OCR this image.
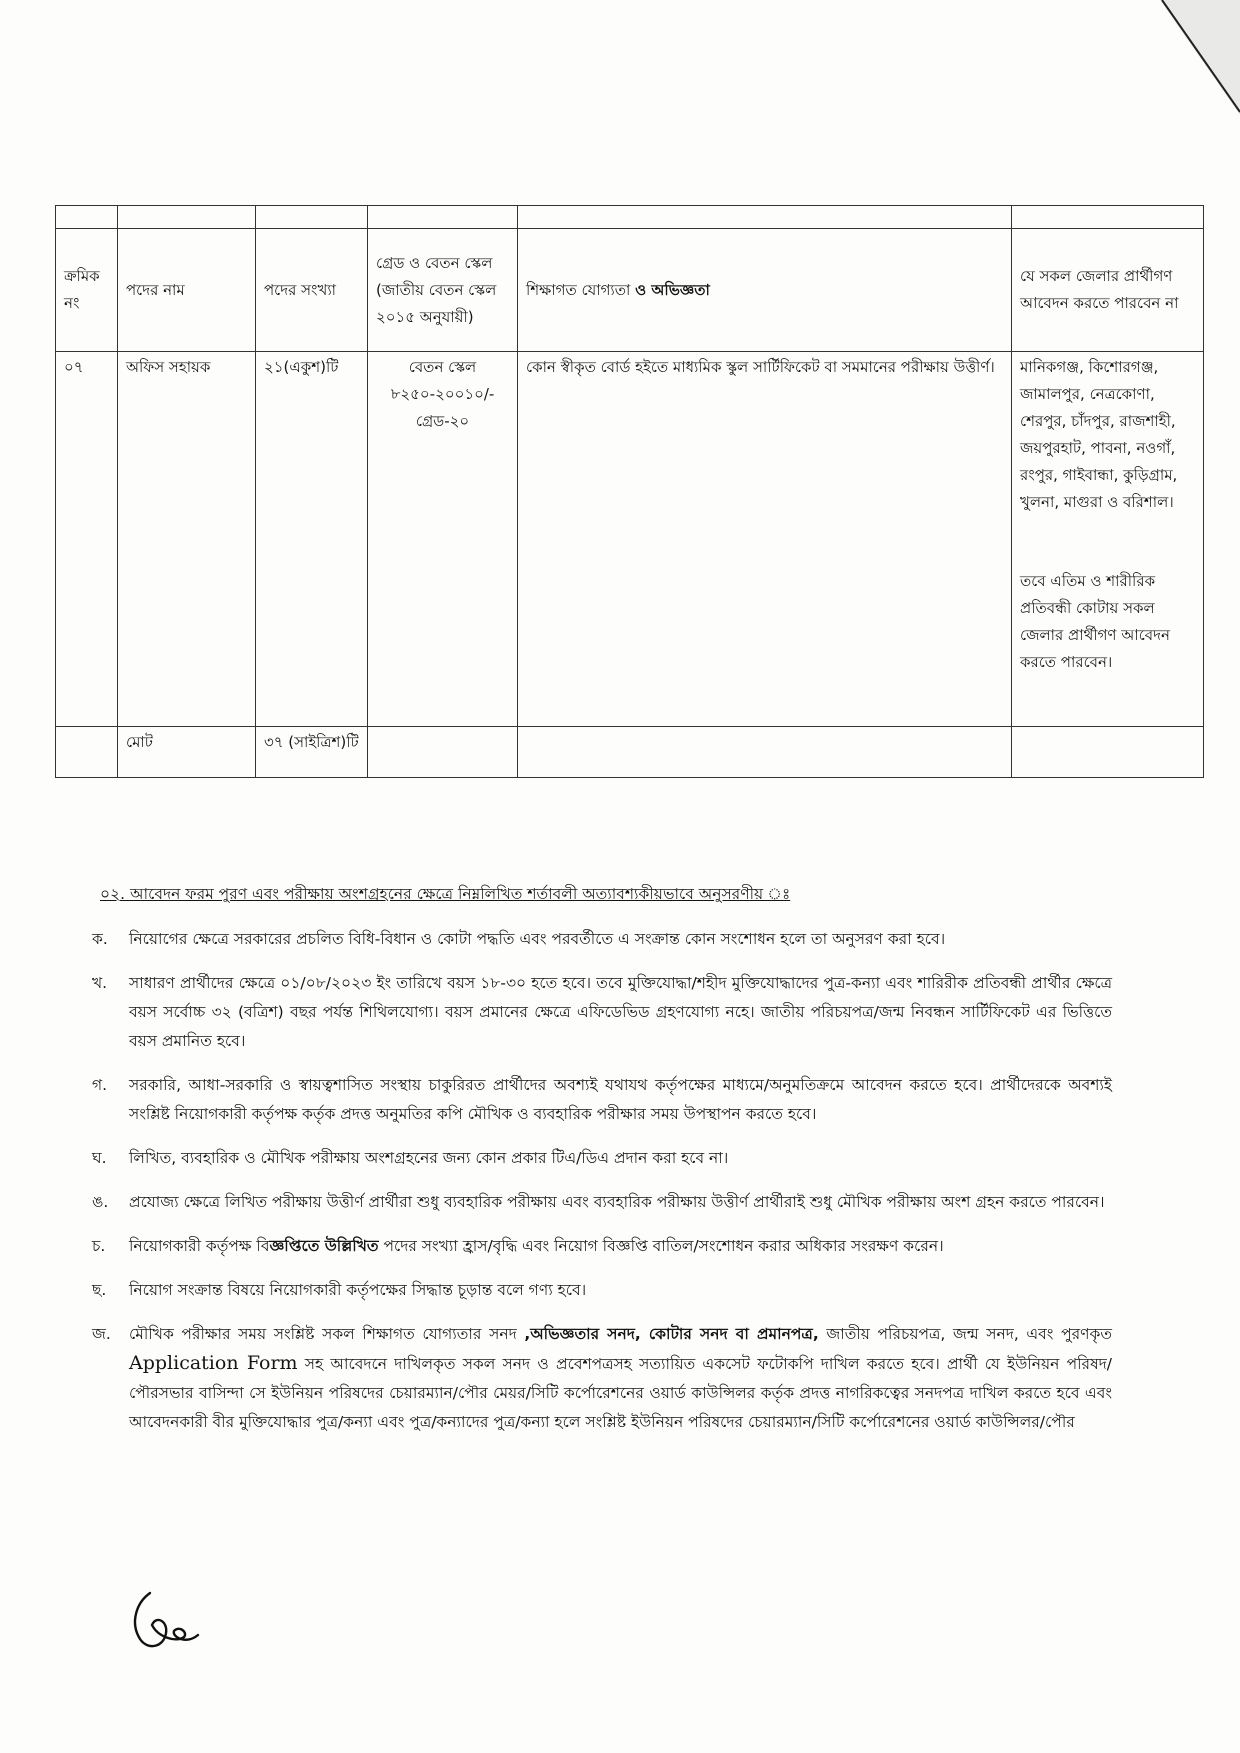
ক্রমিক নং	পদের নাম	পদের সংখ্যা	গ্রেড ও বেতন স্কেল (জাতীয় বেতন স্কেল ২০১৫ অনুযায়ী)	শিক্ষাগত যোগ্যতা ও অভিজ্ঞতা	যে সকল জেলার প্রার্থীগণ আবেদন করতে পারবেন না
০৭	অফিস সহায়ক	২১(একুশ)টি	বেতন স্কেল ৮২৫০-২০০১০/- গ্রেড-২০	কোন স্বীকৃত বোর্ড হইতে মাধ্যমিক স্কুল সার্টিফিকেট বা সমমানের পরীক্ষায় উত্তীর্ণ।	মানিকগঞ্জ, কিশোরগঞ্জ, জামালপুর, নেত্রকোণা, শেরপুর, চাঁদপুর, রাজশাহী, জয়পুরহাট, পাবনা, নওগাঁ, রংপুর, গাইবান্ধা, কুড়িগ্রাম, খুলনা, মাগুরা ও বরিশাল।
তবে এতিম ও শারীরিক প্রতিবন্ধী কোটায় সকল জেলার প্রার্থীগণ আবেদন করতে পারবেন।

	মোট	৩৭ (সাইত্রিশ)টি			
০২. আবেদন ফরম পুরণ এবং পরীক্ষায় অংশগ্রহনের ক্ষেত্রে নিম্নলিখিত শর্তাবলী অত্যাবশ্যকীয়ভাবে অনুসরণীয় ঃ
ক.	নিয়োগের ক্ষেত্রে সরকারের প্রচলিত বিধি-বিধান ও কোটা পদ্ধতি এবং পরবর্তীতে এ সংক্রান্ত কোন সংশোধন হলে তা অনুসরণ করা হবে।
খ.	সাধারণ প্রার্থীদের ক্ষেত্রে ০১/০৮/২০২৩ ইং তারিখে বয়স ১৮-৩০ হতে হবে। তবে মুক্তিযোদ্ধা/শহীদ মুক্তিযোদ্ধাদের পুত্র-কন্যা এবং শারিরীক প্রতিবন্ধী প্রার্থীর ক্ষেত্রে বয়স সর্বোচ্চ ৩২ (বত্রিশ) বছর পর্যন্ত শিথিলযোগ্য। বয়স প্রমানের ক্ষেত্রে এফিডেভিড গ্রহণযোগ্য নহে। জাতীয় পরিচয়পত্র/জন্ম নিবন্ধন সার্টিফিকেট এর ভিত্তিতে বয়স প্রমানিত হবে।
গ.	সরকারি, আধা-সরকারি ও স্বায়ত্বশাসিত সংস্থায় চাকুরিরত প্রার্থীদের অবশ্যই যথাযথ কর্তৃপক্ষের মাধ্যমে/অনুমতিক্রমে আবেদন করতে হবে। প্রার্থীদেরকে অবশ্যই সংশ্লিষ্ট নিয়োগকারী কর্তৃপক্ষ কর্তৃক প্রদত্ত অনুমতির কপি মৌখিক ও ব্যবহারিক পরীক্ষার সময় উপস্থাপন করতে হবে।
ঘ.	লিখিত, ব্যবহারিক ও মৌখিক পরীক্ষায় অংশগ্রহনের জন্য কোন প্রকার টিএ/ডিএ প্রদান করা হবে না।
ঙ.	প্রযোজ্য ক্ষেত্রে লিখিত পরীক্ষায় উত্তীর্ণ প্রার্থীরা শুধু ব্যবহারিক পরীক্ষায় এবং ব্যবহারিক পরীক্ষায় উত্তীর্ণ প্রার্থীরাই শুধু মৌখিক পরীক্ষায় অংশ গ্রহন করতে পারবেন।
চ.	নিয়োগকারী কর্তৃপক্ষ বিজ্ঞপ্তিতে উল্লিখিত পদের সংখ্যা হ্রাস/বৃদ্ধি এবং নিয়োগ বিজ্ঞপ্তি বাতিল/সংশোধন করার অধিকার সংরক্ষণ করেন।
ছ.	নিয়োগ সংক্রান্ত বিষয়ে নিয়োগকারী কর্তৃপক্ষের সিদ্ধান্ত চূড়ান্ত বলে গণ্য হবে।
জ.	মৌখিক পরীক্ষার সময় সংশ্লিষ্ট সকল শিক্ষাগত যোগ্যতার সনদ ,অভিজ্ঞতার সনদ, কোটার সনদ বা প্রমানপত্র, জাতীয় পরিচয়পত্র, জন্ম সনদ, এবং পুরণকৃত Application Form সহ আবেদনে দাখিলকৃত সকল সনদ ও প্রবেশপত্রসহ সত্যায়িত একসেট ফটোকপি দাখিল করতে হবে। প্রার্থী যে ইউনিয়ন পরিষদ/পৌরসভার বাসিন্দা সে ইউনিয়ন পরিষদের চেয়ারম্যান/পৌর মেয়র/সিটি কর্পোরেশনের ওয়ার্ড কাউন্সিলর কর্তৃক প্রদত্ত নাগরিকত্বের সনদপত্র দাখিল করতে হবে এবং আবেদনকারী বীর মুক্তিযোদ্ধার পুত্র/কন্যা এবং পুত্র/কন্যাদের পুত্র/কন্যা হলে সংশ্লিষ্ট ইউনিয়ন পরিষদের চেয়ারম্যান/সিটি কর্পোরেশনের ওয়ার্ড কাউন্সিলর/পৌর
